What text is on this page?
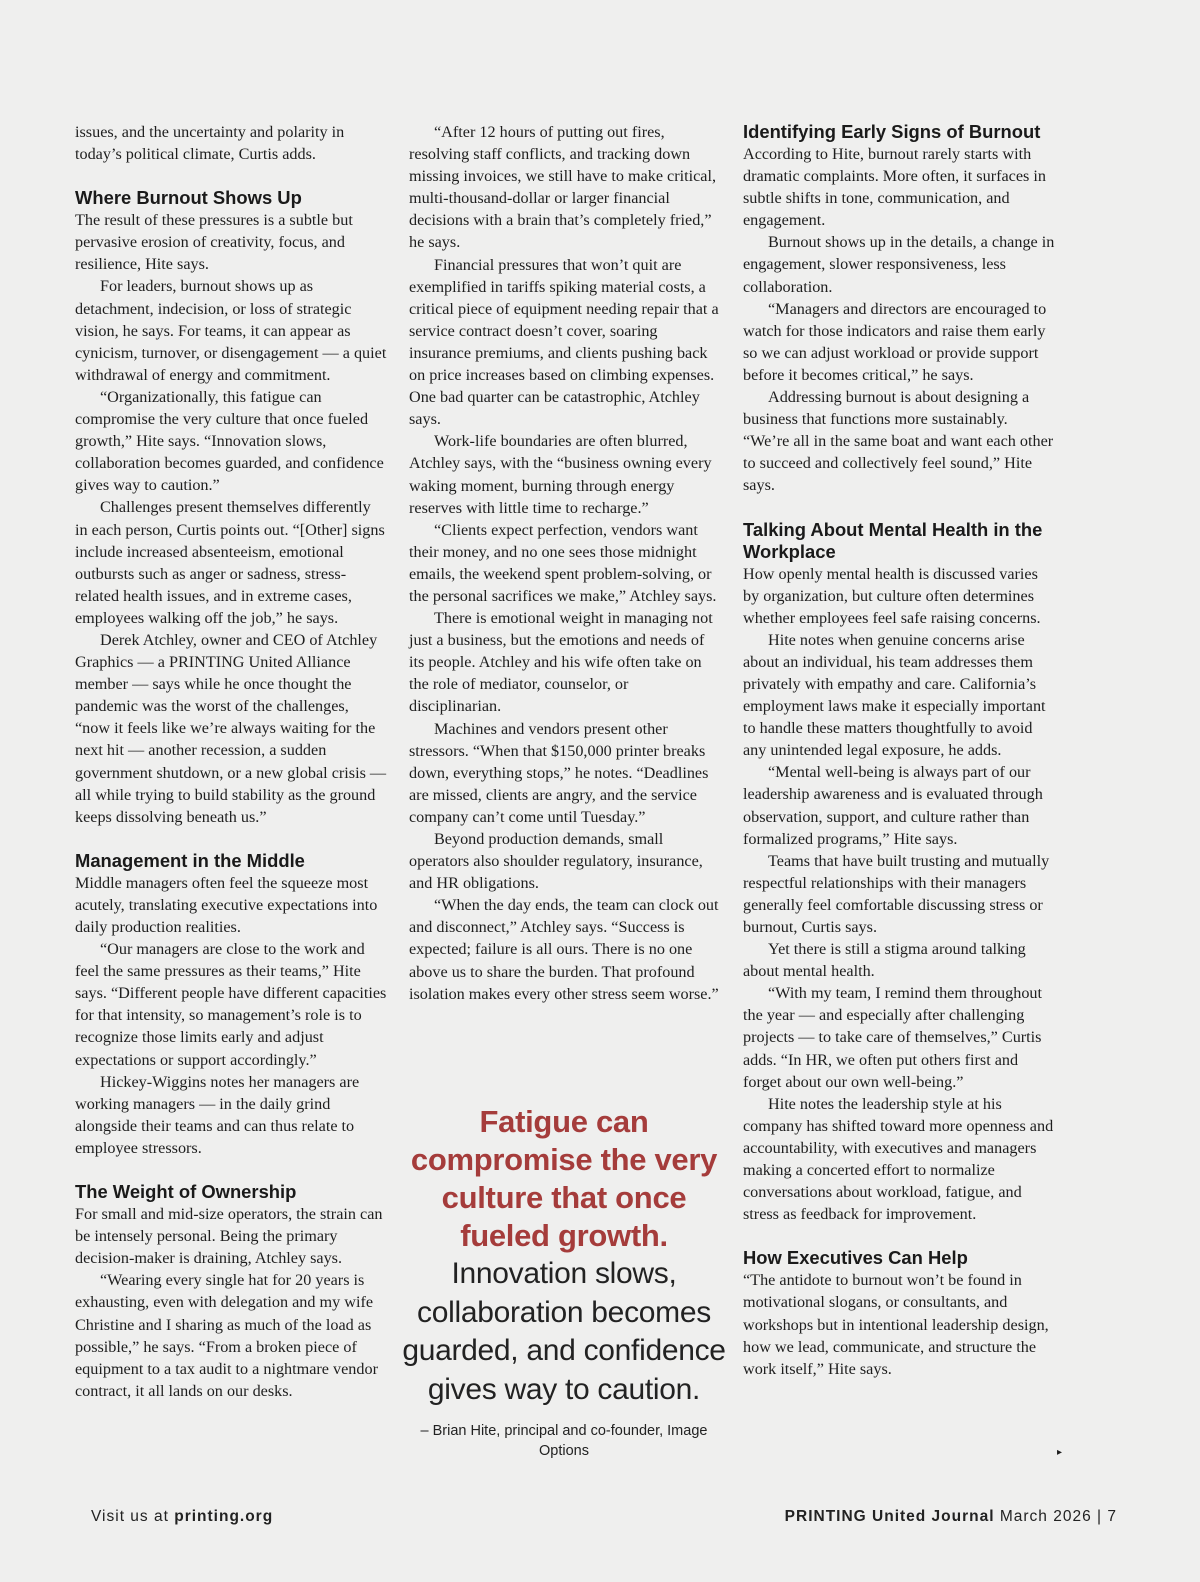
issues, and the uncertainty and polarity in today’s political climate, Curtis adds.

Where Burnout Shows Up

The result of these pressures is a subtle but pervasive erosion of creativity, focus, and resilience, Hite says.

For leaders, burnout shows up as detachment, indecision, or loss of strategic vision, he says. For teams, it can appear as cynicism, turnover, or disengagement — a quiet withdrawal of energy and commitment.

“Organizationally, this fatigue can compromise the very culture that once fueled growth,” Hite says. “Innovation slows, collaboration becomes guarded, and confidence gives way to caution.”

Challenges present themselves differently in each person, Curtis points out. “[Other] signs include increased absenteeism, emotional outbursts such as anger or sadness, stress-related health issues, and in extreme cases, employees walking off the job,” he says.

Derek Atchley, owner and CEO of Atchley Graphics — a PRINTING United Alliance member — says while he once thought the pandemic was the worst of the challenges, “now it feels like we’re always waiting for the next hit — another recession, a sudden government shutdown, or a new global crisis — all while trying to build stability as the ground keeps dissolving beneath us.”

Management in the Middle

Middle managers often feel the squeeze most acutely, translating executive expectations into daily production realities.

“Our managers are close to the work and feel the same pressures as their teams,” Hite says. “Different people have different capacities for that intensity, so management’s role is to recognize those limits early and adjust expectations or support accordingly.”

Hickey-Wiggins notes her managers are working managers — in the daily grind alongside their teams and can thus relate to employee stressors.

The Weight of Ownership

For small and mid-size operators, the strain can be intensely personal. Being the primary decision-maker is draining, Atchley says.

“Wearing every single hat for 20 years is exhausting, even with delegation and my wife Christine and I sharing as much of the load as possible,” he says. “From a broken piece of equipment to a tax audit to a nightmare vendor contract, it all lands on our desks.

“After 12 hours of putting out fires, resolving staff conflicts, and tracking down missing invoices, we still have to make critical, multi-thousand-dollar or larger financial decisions with a brain that’s completely fried,” he says.

Financial pressures that won’t quit are exemplified in tariffs spiking material costs, a critical piece of equipment needing repair that a service contract doesn’t cover, soaring insurance premiums, and clients pushing back on price increases based on climbing expenses. One bad quarter can be catastrophic, Atchley says.

Work-life boundaries are often blurred, Atchley says, with the “business owning every waking moment, burning through energy reserves with little time to recharge.”

“Clients expect perfection, vendors want their money, and no one sees those midnight emails, the weekend spent problem-solving, or the personal sacrifices we make,” Atchley says.

There is emotional weight in managing not just a business, but the emotions and needs of its people. Atchley and his wife often take on the role of mediator, counselor, or disciplinarian.

Machines and vendors present other stressors. “When that $150,000 printer breaks down, everything stops,” he notes. “Deadlines are missed, clients are angry, and the service company can’t come until Tuesday.”

Beyond production demands, small operators also shoulder regulatory, insurance, and HR obligations.

“When the day ends, the team can clock out and disconnect,” Atchley says. “Success is expected; failure is all ours. There is no one above us to share the burden. That profound isolation makes every other stress seem worse.”

Fatigue can compromise the very culture that once fueled growth.
Innovation slows, collaboration becomes guarded, and confidence gives way to caution.
– Brian Hite, principal and co-founder, Image Options
Identifying Early Signs of Burnout

According to Hite, burnout rarely starts with dramatic complaints. More often, it surfaces in subtle shifts in tone, communication, and engagement.

Burnout shows up in the details, a change in engagement, slower responsiveness, less collaboration.

“Managers and directors are encouraged to watch for those indicators and raise them early so we can adjust workload or provide support before it becomes critical,” he says.

Addressing burnout is about designing a business that functions more sustainably. “We’re all in the same boat and want each other to succeed and collectively feel sound,” Hite says.

Talking About Mental Health in the Workplace

How openly mental health is discussed varies by organization, but culture often determines whether employees feel safe raising concerns.

Hite notes when genuine concerns arise about an individual, his team addresses them privately with empathy and care. California’s employment laws make it especially important to handle these matters thoughtfully to avoid any unintended legal exposure, he adds.

“Mental well-being is always part of our leadership awareness and is evaluated through observation, support, and culture rather than formalized programs,” Hite says.

Teams that have built trusting and mutually respectful relationships with their managers generally feel comfortable discussing stress or burnout, Curtis says.

Yet there is still a stigma around talking about mental health.

“With my team, I remind them throughout the year — and especially after challenging projects — to take care of themselves,” Curtis adds. “In HR, we often put others first and forget about our own well-being.”

Hite notes the leadership style at his company has shifted toward more openness and accountability, with executives and managers making a concerted effort to normalize conversations about workload, fatigue, and stress as feedback for improvement.

How Executives Can Help

“The antidote to burnout won’t be found in motivational slogans, or consultants, and workshops but in intentional leadership design, how we lead, communicate, and structure the work itself,” Hite says.

▸
Visit us at printing.org	PRINTING United Journal March 2026 | 7
